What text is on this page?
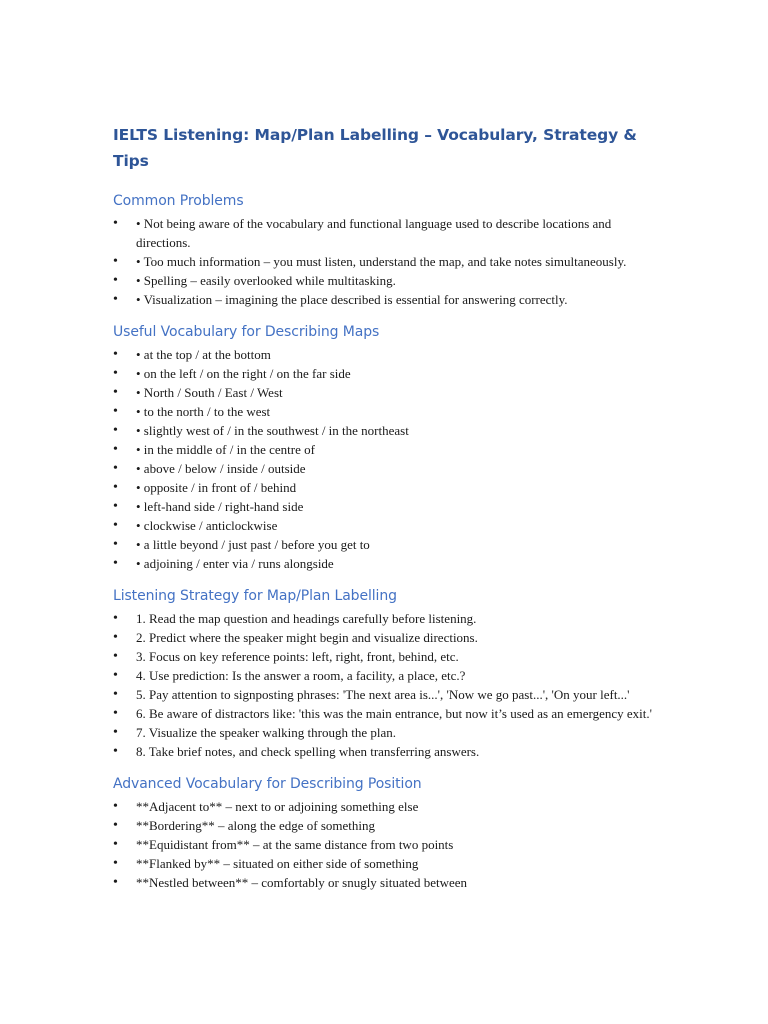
IELTS Listening: Map/Plan Labelling – Vocabulary, Strategy & Tips
Common Problems
• • Not being aware of the vocabulary and functional language used to describe locations and directions.
• • Too much information – you must listen, understand the map, and take notes simultaneously.
• • Spelling – easily overlooked while multitasking.
• • Visualization – imagining the place described is essential for answering correctly.
Useful Vocabulary for Describing Maps
• • at the top / at the bottom
• • on the left / on the right / on the far side
• • North / South / East / West
• • to the north / to the west
• • slightly west of / in the southwest / in the northeast
• • in the middle of / in the centre of
• • above / below / inside / outside
• • opposite / in front of / behind
• • left-hand side / right-hand side
• • clockwise / anticlockwise
• • a little beyond / just past / before you get to
• • adjoining / enter via / runs alongside
Listening Strategy for Map/Plan Labelling
• 1. Read the map question and headings carefully before listening.
• 2. Predict where the speaker might begin and visualize directions.
• 3. Focus on key reference points: left, right, front, behind, etc.
• 4. Use prediction: Is the answer a room, a facility, a place, etc.?
• 5. Pay attention to signposting phrases: 'The next area is...', 'Now we go past...', 'On your left...'
• 6. Be aware of distractors like: 'this was the main entrance, but now it’s used as an emergency exit.'
• 7. Visualize the speaker walking through the plan.
• 8. Take brief notes, and check spelling when transferring answers.
Advanced Vocabulary for Describing Position
• **Adjacent to** – next to or adjoining something else
• **Bordering** – along the edge of something
• **Equidistant from** – at the same distance from two points
• **Flanked by** – situated on either side of something
• **Nestled between** – comfortably or snugly situated between
